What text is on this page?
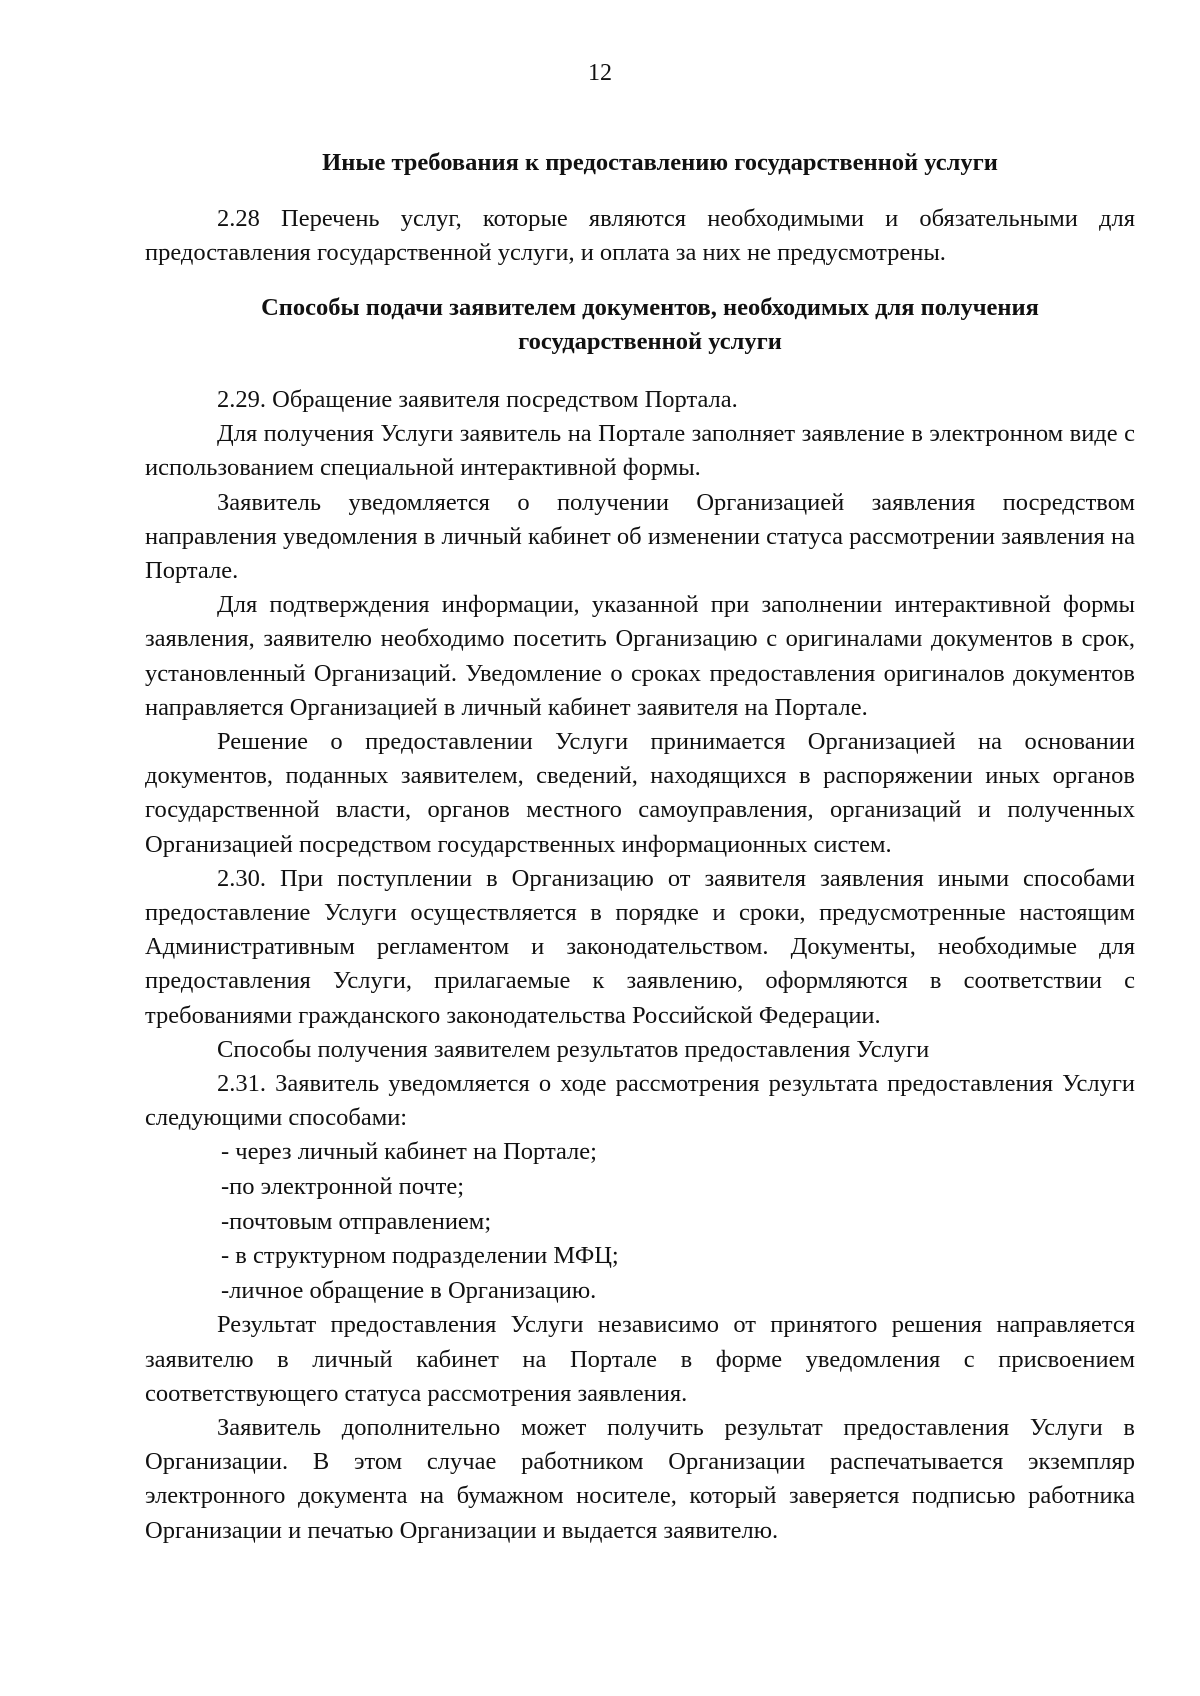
12
Иные требования к предоставлению государственной услуги

2.28 Перечень услуг, которые являются необходимыми и обязательными для предоставления государственной услуги, и оплата за них не предусмотрены.

Способы подачи заявителем документов, необходимых для получения
государственной услуги

2.29. Обращение заявителя посредством Портала.

Для получения Услуги заявитель на Портале заполняет заявление в электронном виде с использованием специальной интерактивной формы.

Заявитель уведомляется о получении Организацией заявления посредством направления уведомления в личный кабинет об изменении статуса рассмотрении заявления на Портале.

Для подтверждения информации, указанной при заполнении интерактивной формы заявления, заявителю необходимо посетить Организацию с оригиналами документов в срок, установленный Организаций. Уведомление о сроках предоставления оригиналов документов направляется Организацией в личный кабинет заявителя на Портале.

Решение о предоставлении Услуги принимается Организацией на основании документов, поданных заявителем, сведений, находящихся в распоряжении иных органов государственной власти, органов местного самоуправления, организаций и полученных Организацией посредством государственных информационных систем.

2.30. При поступлении в Организацию от заявителя заявления иными способами предоставление Услуги осуществляется в порядке и сроки, предусмотренные настоящим Административным регламентом и законодательством. Документы, необходимые для предоставления Услуги, прилагаемые к заявлению, оформляются в соответствии с требованиями гражданского законодательства Российской Федерации.

Способы получения заявителем результатов предоставления Услуги

2.31. Заявитель уведомляется о ходе рассмотрения результата предоставления Услуги следующими способами:

- через личный кабинет на Портале;

-по электронной почте;

-почтовым отправлением;

- в структурном подразделении МФЦ;

-личное обращение в Организацию.

Результат предоставления Услуги независимо от принятого решения направляется заявителю в личный кабинет на Портале в форме уведомления с присвоением соответствующего статуса рассмотрения заявления.

Заявитель дополнительно может получить результат предоставления Услуги в Организации. В этом случае работником Организации распечатывается экземпляр электронного документа на бумажном носителе, который заверяется подписью работника Организации и печатью Организации и выдается заявителю.
